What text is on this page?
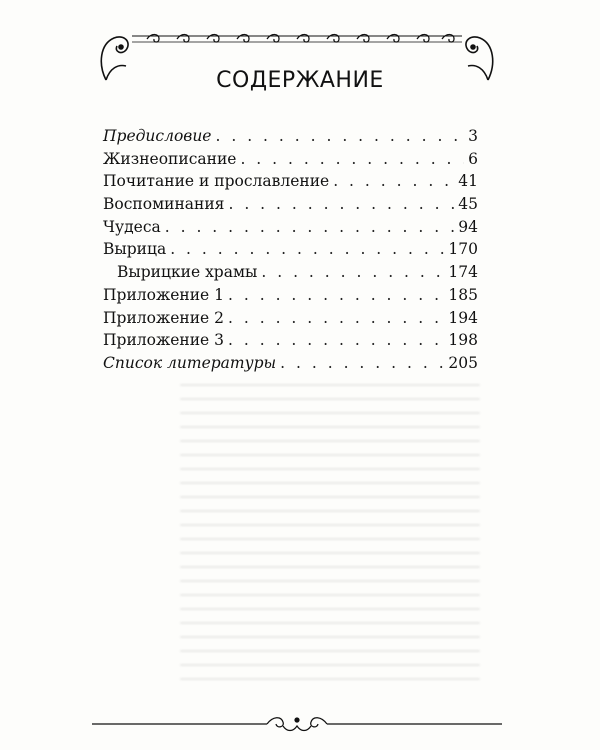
СОДЕРЖАНИЕ
Предисловие . . .	3
Жизнеописание . . .	6
Почитание и прославление . . .	41
Воспоминания . . .	45
Чудеса . . .	94
Вырица . . .	170
Вырицкие храмы . . .	174
Приложение 1 . . .	185
Приложение 2 . . .	194
Приложение 3 . . .	198
Список литературы . . .	205
